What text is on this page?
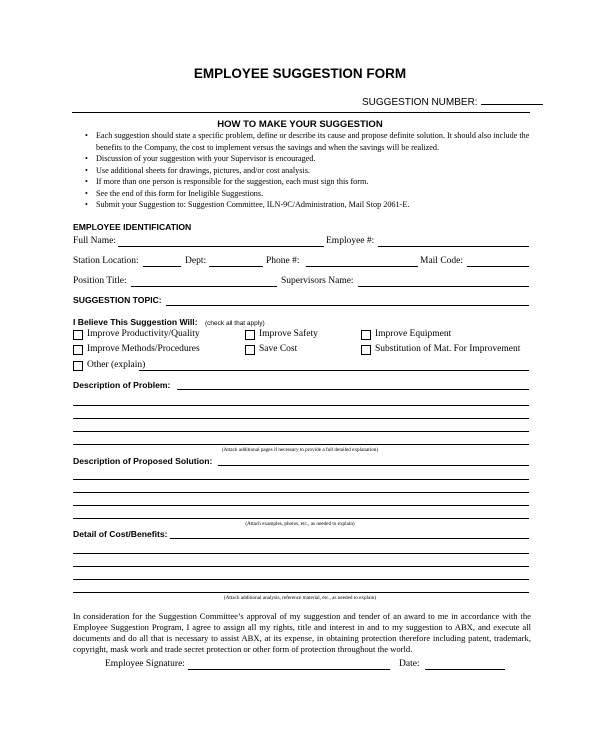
EMPLOYEE SUGGESTION FORM
SUGGESTION NUMBER:
HOW TO MAKE YOUR SUGGESTION
• Each suggestion should state a specific problem, define or describe its cause and propose definite solution. It should also include the benefits to the Company, the cost to implement versus the savings and when the savings will be realized.
• Discussion of your suggestion with your Supervisor is encouraged.
• Use additional sheets for drawings, pictures, and/or cost analysis.
• If more than one person is responsible for the suggestion, each must sign this form.
• See the end of this form for Ineligible Suggestions.
• Submit your Suggestion to: Suggestion Committee, ILN-9C/Administration, Mail Stop 2061-E.
EMPLOYEE IDENTIFICATION
Full Name:	Employee #:
Station Location:	Dept:	Phone #:	Mail Code:
Position Title:	Supervisors Name:
SUGGESTION TOPIC:
I Believe This Suggestion Will: (check all that apply)
Improve Productivity/Quality	Improve Safety	Improve Equipment
Improve Methods/Procedures	Save Cost	Substitution of Mat. For Improvement
Other (explain)
Description of Problem:
(Attach additional pages if necessary to provide a full detailed explanation)
Description of Proposed Solution:
(Attach examples, photos, etc., as needed to explain)
Detail of Cost/Benefits:
(Attach additional analysis, reference material, etc., as needed to explain)
In consideration for the Suggestion Committee’s approval of my suggestion and tender of an award to me in accordance with the Employee Suggestion Program, I agree to assign all my rights, title and interest in and to my suggestion to ABX, and execute all documents and do all that is necessary to assist ABX, at its expense, in obtaining protection therefore including patent, trademark, copyright, mask work and trade secret protection or other form of protection throughout the world.
Employee Signature:	Date:
